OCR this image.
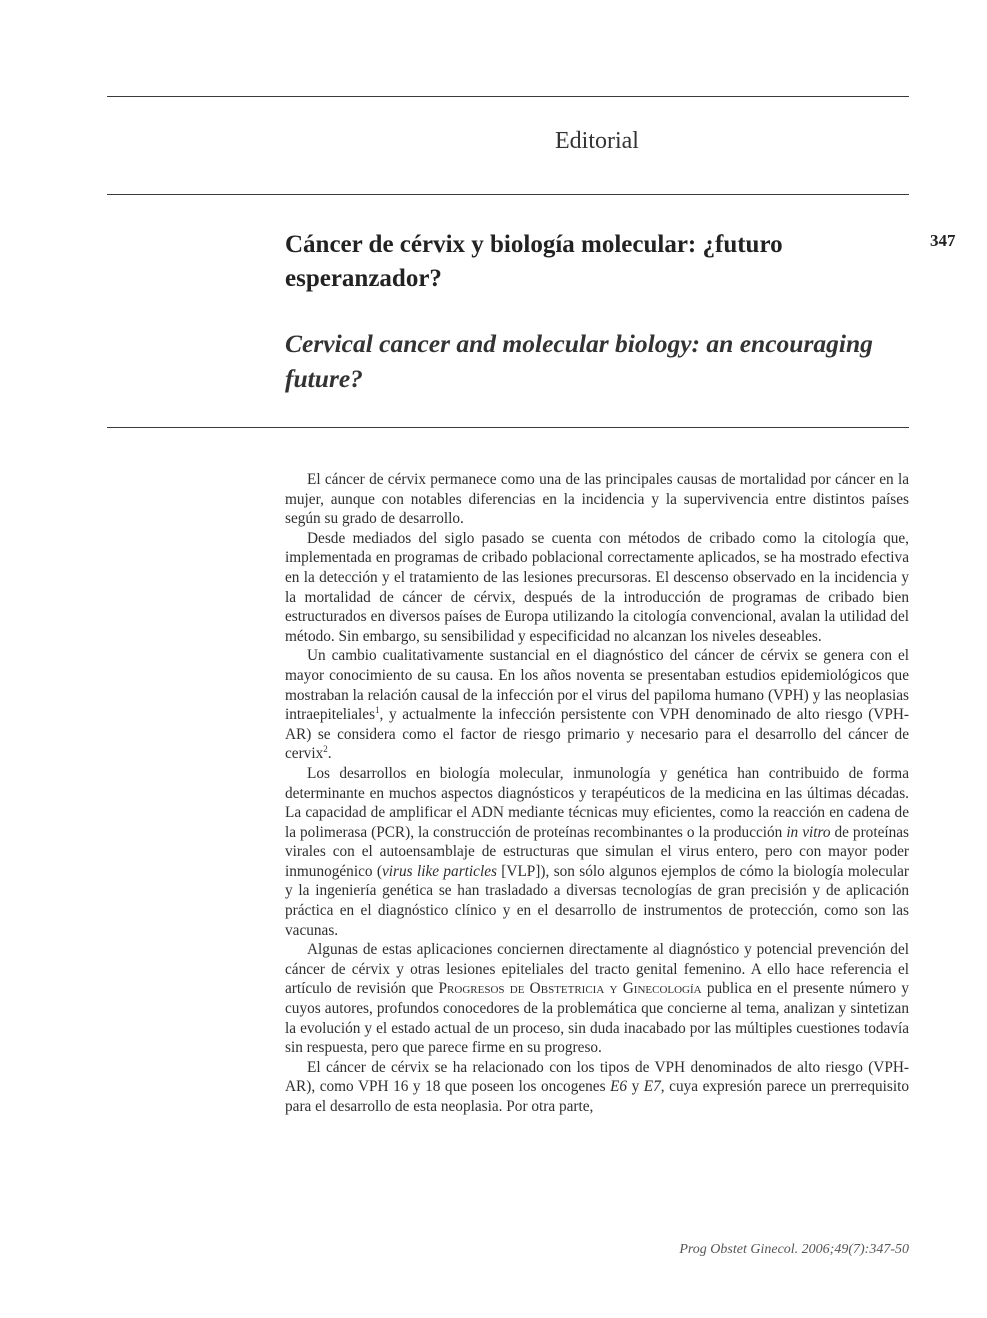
Editorial
347
Cáncer de cérvix y biología molecular: ¿futuro esperanzador?
Cervical cancer and molecular biology: an encouraging future?

El cáncer de cérvix permanece como una de las principales causas de mortalidad por cáncer en la mujer, aunque con notables diferencias en la incidencia y la supervivencia entre distintos países según su grado de desarrollo.

Desde mediados del siglo pasado se cuenta con métodos de cribado como la citología que, implementada en programas de cribado poblacional correctamente aplicados, se ha mostrado efectiva en la detección y el tratamiento de las lesiones precursoras. El descenso observado en la incidencia y la mortalidad de cáncer de cérvix, después de la introducción de programas de cribado bien estructurados en diversos países de Europa utilizando la citología convencional, avalan la utilidad del método. Sin embargo, su sensibilidad y especificidad no alcanzan los niveles deseables.

Un cambio cualitativamente sustancial en el diagnóstico del cáncer de cérvix se genera con el mayor conocimiento de su causa. En los años noventa se presentaban estudios epidemiológicos que mostraban la relación causal de la infección por el virus del papiloma humano (VPH) y las neoplasias intraepiteliales$^1$, y actualmente la infección persistente con VPH denominado de alto riesgo (VPH-AR) se considera como el factor de riesgo primario y necesario para el desarrollo del cáncer de cervix$^2$.

Los desarrollos en biología molecular, inmunología y genética han contribuido de forma determinante en muchos aspectos diagnósticos y terapéuticos de la medicina en las últimas décadas. La capacidad de amplificar el ADN mediante técnicas muy eficientes, como la reacción en cadena de la polimerasa (PCR), la construcción de proteínas recombinantes o la producción in vitro de proteínas virales con el autoensamblaje de estructuras que simulan el virus entero, pero con mayor poder inmunogénico (virus like particles [VLP]), son sólo algunos ejemplos de cómo la biología molecular y la ingeniería genética se han trasladado a diversas tecnologías de gran precisión y de aplicación práctica en el diagnóstico clínico y en el desarrollo de instrumentos de protección, como son las vacunas.

Algunas de estas aplicaciones conciernen directamente al diagnóstico y potencial prevención del cáncer de cérvix y otras lesiones epiteliales del tracto genital femenino. A ello hace referencia el artículo de revisión que Progresos de Obstetricia y Ginecología publica en el presente número y cuyos autores, profundos conocedores de la problemática que concierne al tema, analizan y sintetizan la evolución y el estado actual de un proceso, sin duda inacabado por las múltiples cuestiones todavía sin respuesta, pero que parece firme en su progreso.

El cáncer de cérvix se ha relacionado con los tipos de VPH denominados de alto riesgo (VPH-AR), como VPH 16 y 18 que poseen los oncogenes E6 y E7, cuya expresión parece un prerrequisito para el desarrollo de esta neoplasia. Por otra parte,

Prog Obstet Ginecol. 2006;49(7):347-50
